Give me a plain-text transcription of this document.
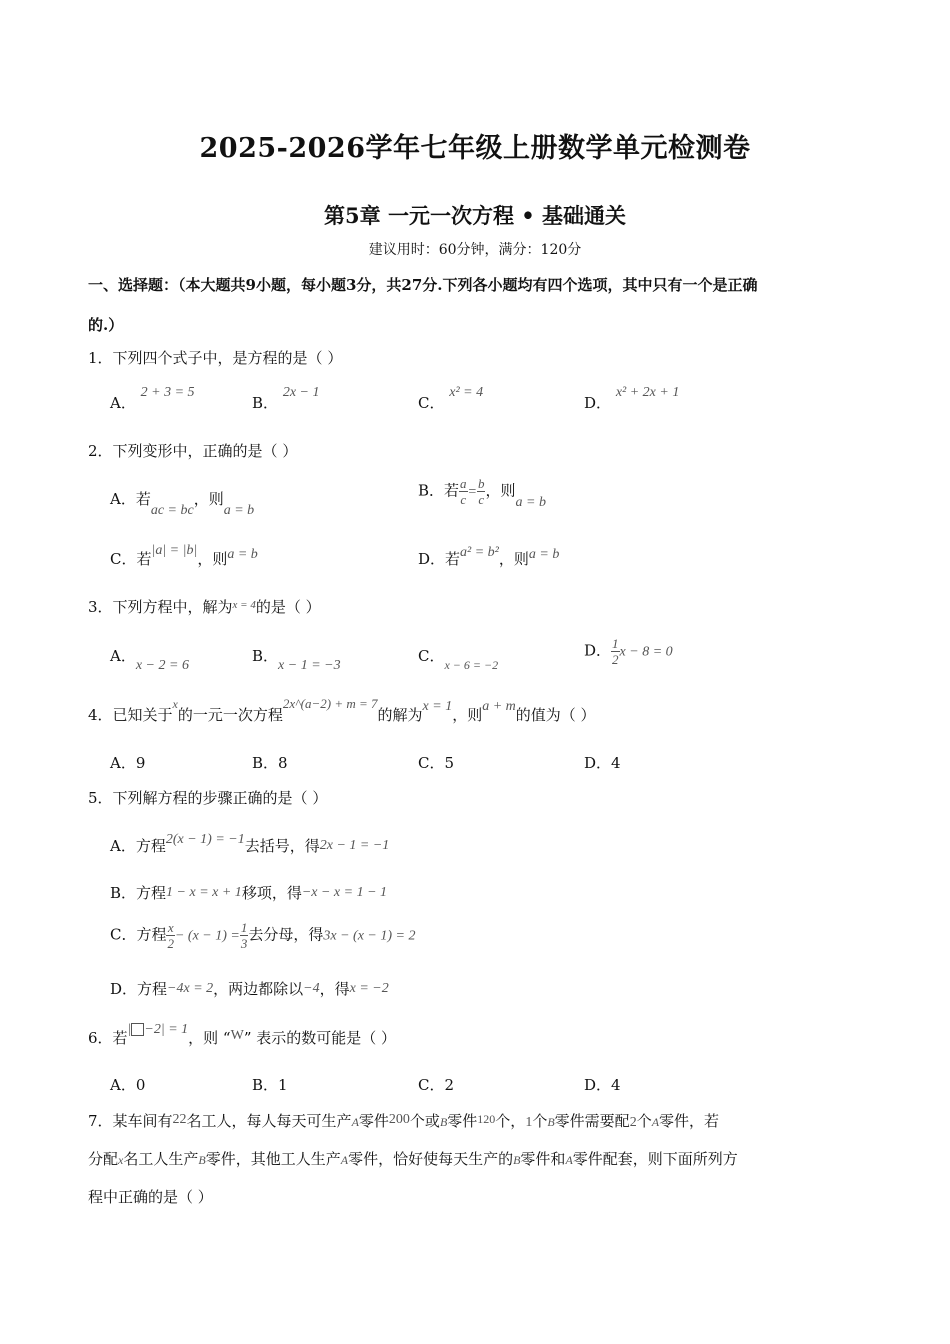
2025-2026学年七年级上册数学单元检测卷
第5章 一元一次方程 • 基础通关
建议用时：60分钟，满分：120分
一、选择题：（本大题共9小题，每小题3分，共27分.下列各小题均有四个选项，其中只有一个是正确
的.）
1．下列四个式子中，是方程的是（ ）
A． 2 + 3 = 5
B． 2x − 1
C． x² = 4
D． x² + 2x + 1
2．下列变形中，正确的是（ ）
A．若ac = bc，则a = b
B．若 $\frac{a}{c} = \frac{b}{c}$ ，则a = b
C．若|a| = |b|，则a = b	D．若a² = b²，则a = b
3．下列方程中，解为$^{x = 4}$的是（ ）
A．x − 2 = 6
B．x − 1 = −3
C．$_{x - 6 = -2}$
D． $\frac{1}{2}$ x − 8 = 0
4．已知关于$^x$的一元一次方程2x^(a−2) + m = 7的解为x = 1，则a + m的值为（ ）
A．9	B．8	C．5	D．4
5．下列解方程的步骤正确的是（ ）
A．方程2(x − 1) = −1去括号，得2x − 1 = −1
B．方程1 − x = x + 1移项，得−x − x = 1 − 1
C．方程 $\frac{x}{2} - (x - 1) = \frac{1}{3}$ 去分母，得3x − (x − 1) = 2
D．方程−4x = 2，两边都除以−4，得x = −2
6．若| −2| = 1，则 “W” 表示的数可能是（ ）
A．0	B．1	C．2	D．4
7．某车间有22名工人，每人每天可生产A零件200个或B零件$^{120}$个，1个B零件需要配2个A零件，若
分配x名工人生产B零件，其他工人生产A零件，恰好使每天生产的B零件和A零件配套，则下面所列方
程中正确的是（ ）
